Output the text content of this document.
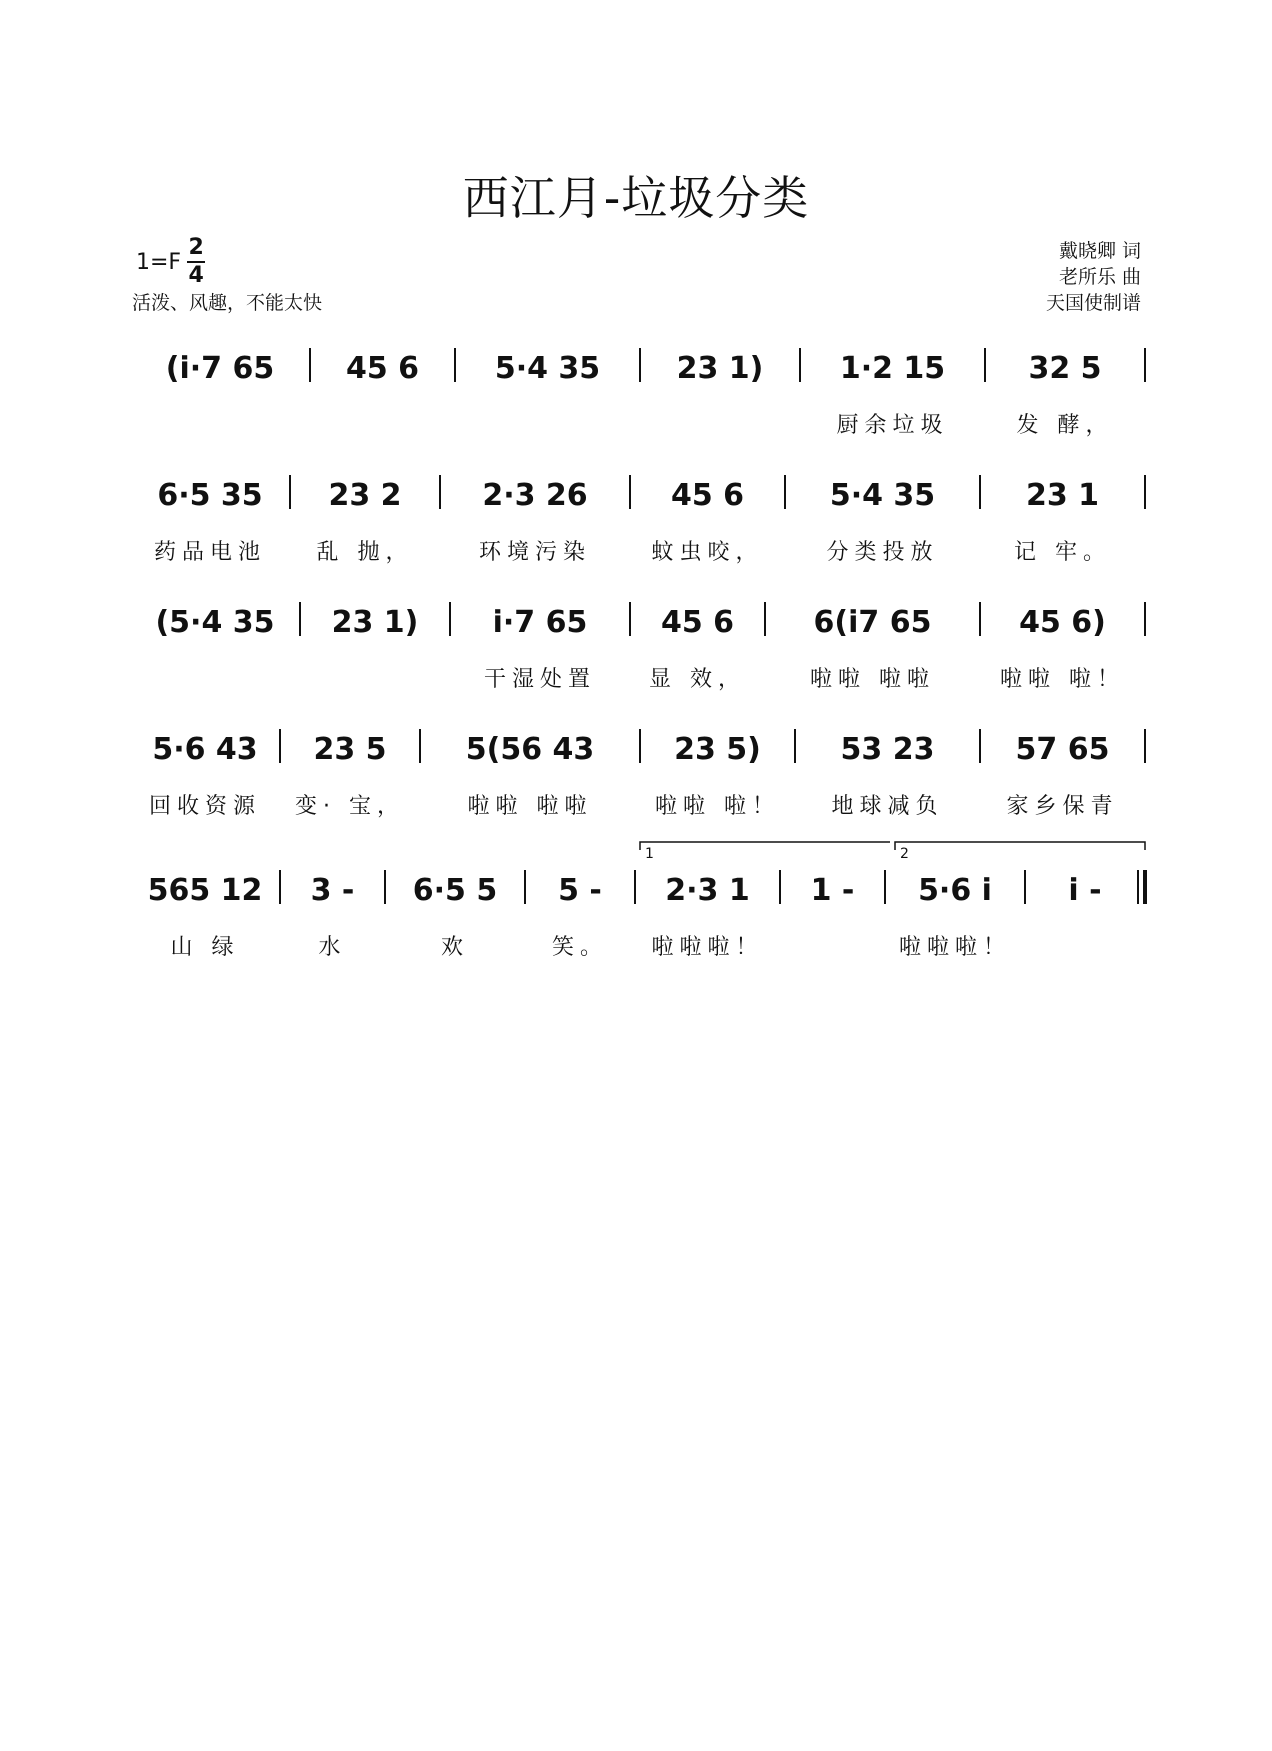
西江月-垃圾分类
$1=F \frac{2}{4}$
活泼、风趣，不能太快
戴晓卿 词
老所乐 曲
天国使制谱
(i̇·7 65 45 6	5·4 35	23 1)	1·2 15	32 5
厨余垃圾	发 酵，
6·5 35 23 2	2·3 26	45 6	5·4 35	23 1
药品电池	乱 抛，	环境污染	蚊虫咬，	分类投放	记 牢。
(5·4 35 23 1) i̇·7 65 45 6	6(i̇7 65	45 6)
干湿处置	显 效，	啦啦 啦啦	啦啦 啦！
5·6 43 23 5	5(56 43	23 5)	53 23	57 65
回收资源	变· 宝，	啦啦 啦啦	啦啦 啦！	地球减负	家乡保青
565 12 3 - 6·5 5 5 - 2·3 1 1 - 5·6 i̇	i̇ -
1	2
山 绿	水	欢	笑。	啦啦啦！	啦啦啦！
